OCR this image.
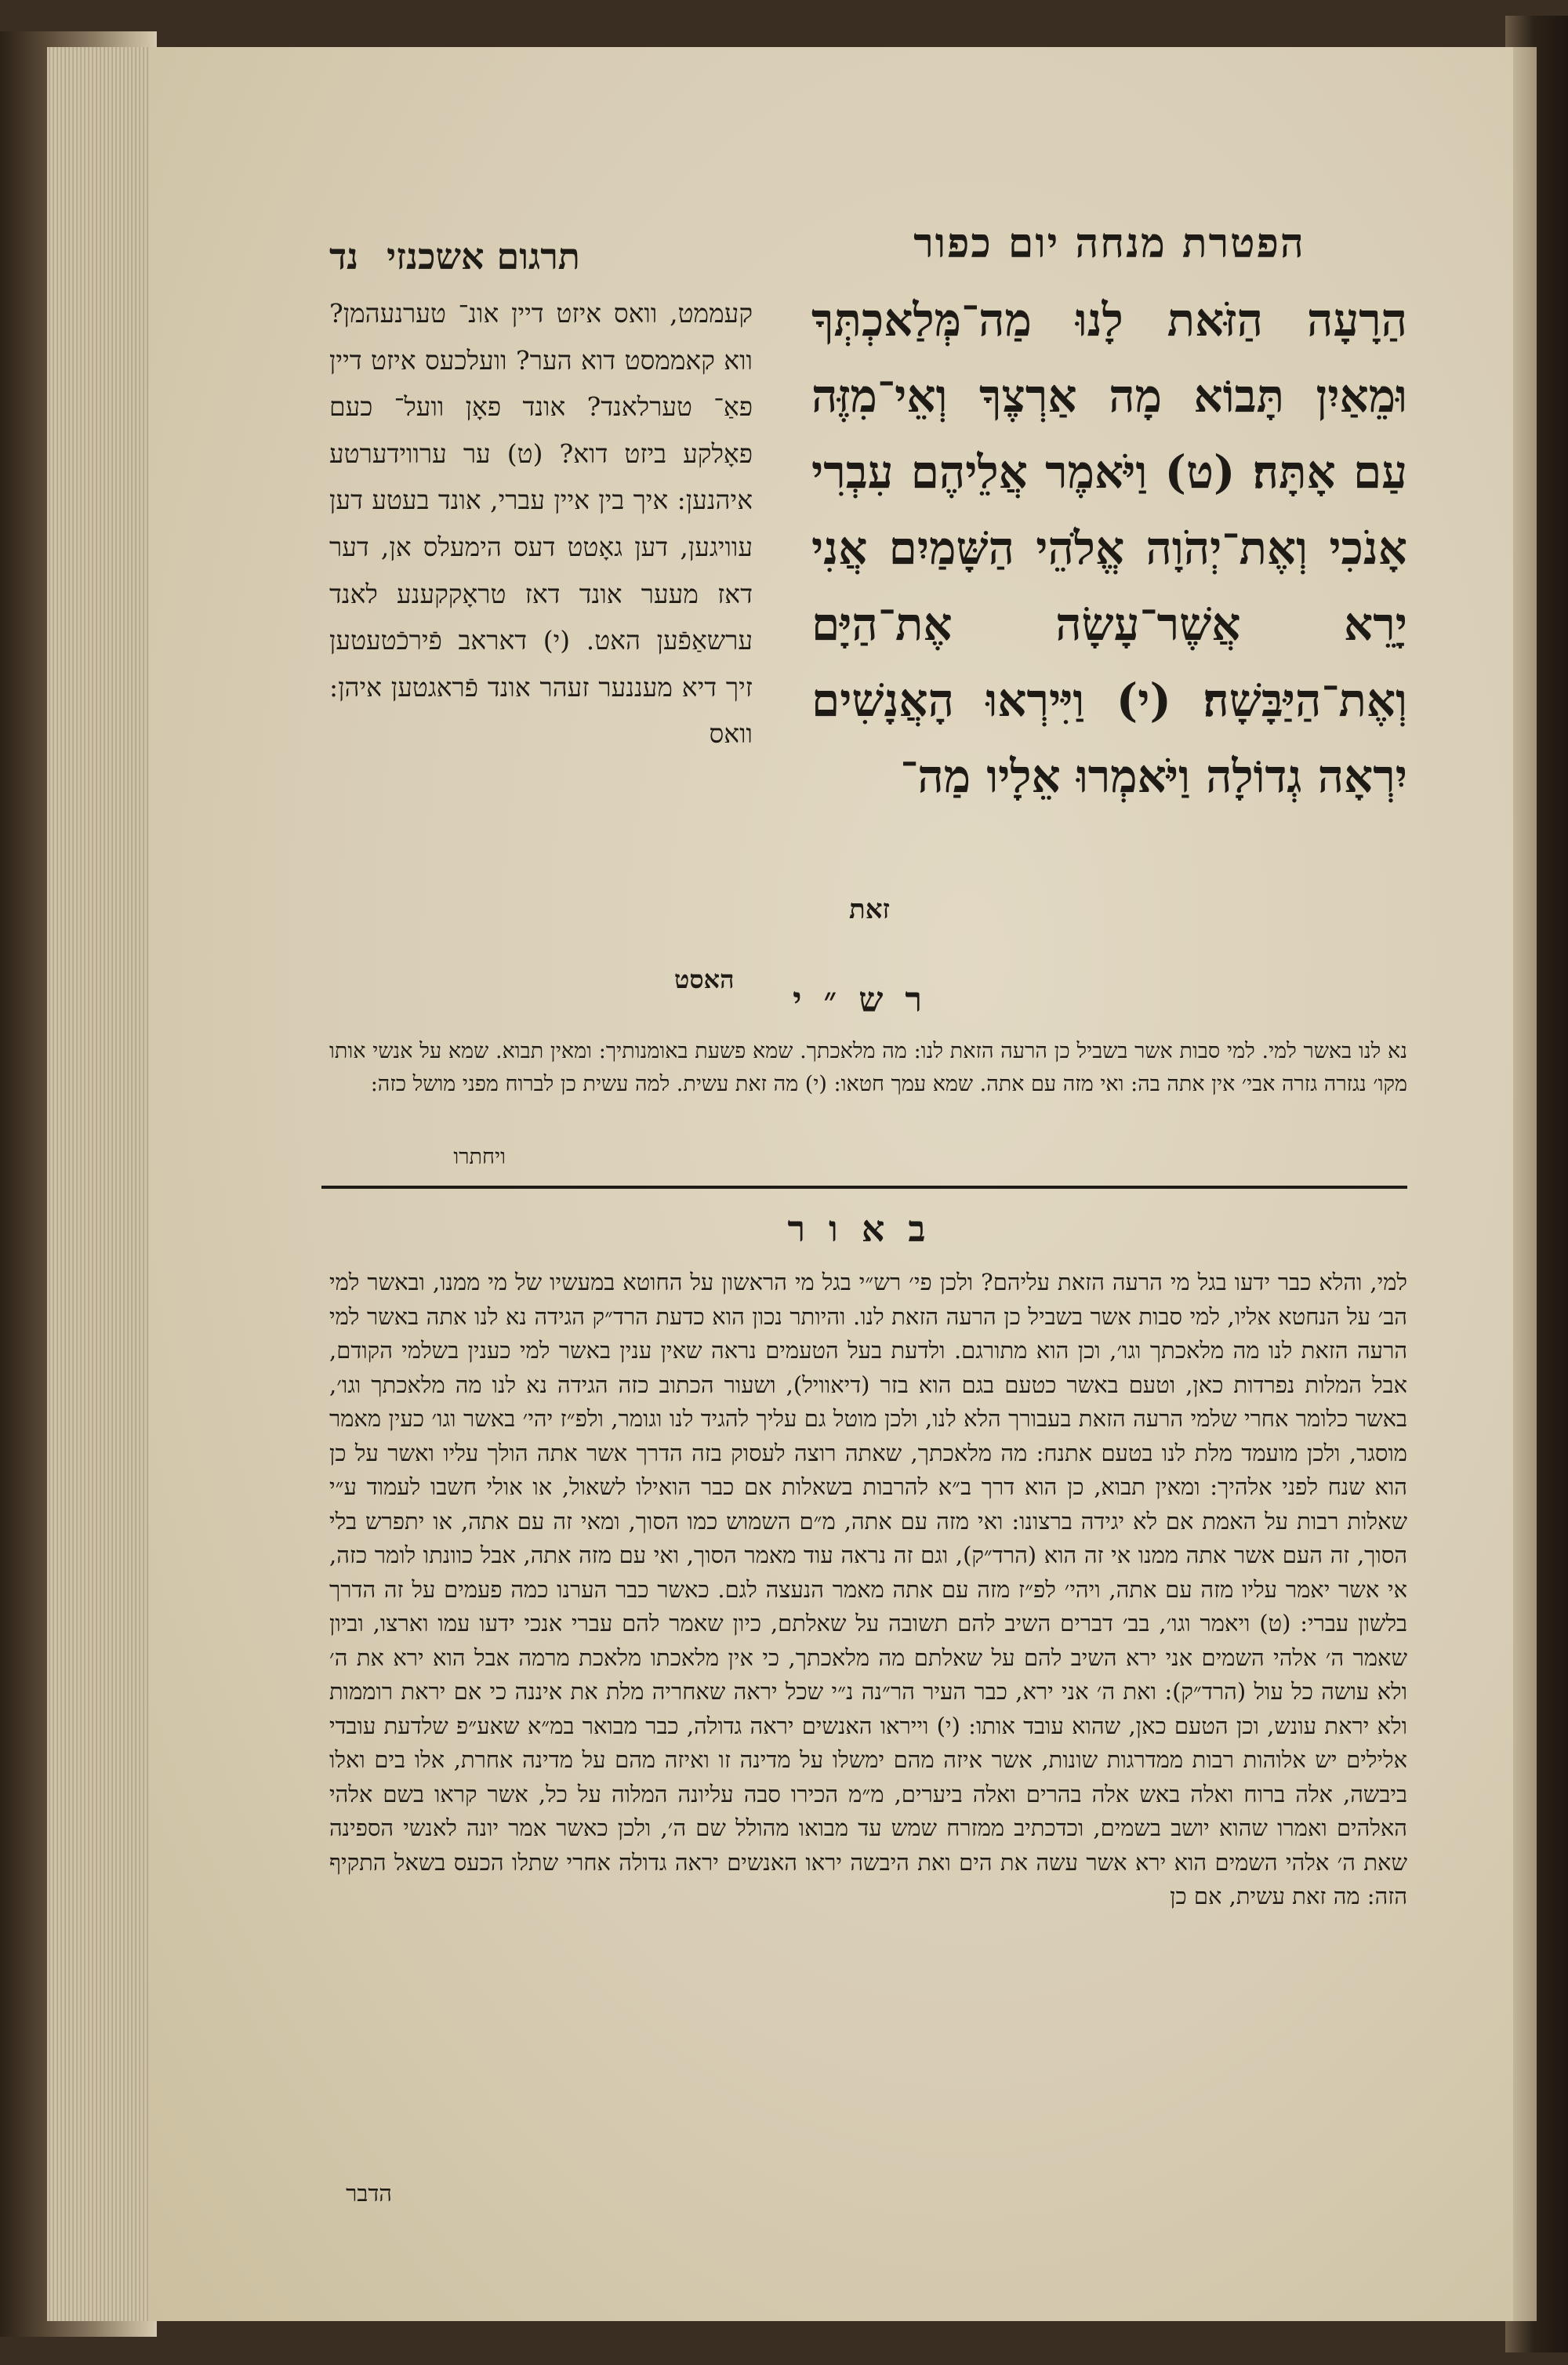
הפטרת מנחה יום כפור
תרגום אשכנזי נד

הַרָעָה הַזֹּאת לָנוּ מַה־מְּלַאכְתְּךָ וּמֵאַיִן תָּבוֹא מָה אַרְצֶךָ וְאֵי־מִזֶּה עַם אָתָּה׃ (ט) וַיֹּאמֶר אֲלֵיהֶם עִבְרִי אָנֹכִי וְאֶת־יְהֹוָה אֱלֹהֵי הַשָּׁמַיִם אֲנִי יָרֵא אֲשֶׁר־עָשָׂה אֶת־הַיָּם וְאֶת־הַיַּבָּשָׁה׃ (י) וַיִּירְאוּ הָאֲנָשִׁים יִרְאָה גְדוֹלָה וַיֹּאמְרוּ אֵלָיו מַה־

זאת

קעממט, וואס איזט דיין אונ־ טערנעהמן? ווא קאממסט דוא הער? וועלכעס איזט דיין פאַ־ טערלאנד? אונד פאָן וועל־ כעם פאָלקע ביזט דוא? (ט) ער ערווידערטע איהנען: איך בין איין עברי, אונד בעטע דען עוויגען, דען גאָטט דעס הימעלס אן, דער דאז מעער אונד דאז טראָקקענע לאנד ערשאַפֿען האט. (י) דאראב פֿירכֿטעטען זיך דיא מעננער זעהר אונד פֿראגטען איהן: וואס

האסט
רש״י

נא לנו באשר למי. למי סבות אשר בשביל כן הרעה הזאת לנו: מה מלאכתך. שמא פשעת באומנותיך: ומאין תבוא. שמא על אנשי אותו מקו׳ נגזרה גזרה אבי׳ אין אתה בה: ואי מזה עם אתה. שמא עמך חטאו: (י) מה זאת עשית. למה עשית כן לברוח מפני מושל כזה:

ויחתרו
באור

למי, והלא כבר ידעו בגל מי הרעה הזאת עליהם? ולכן פי׳ רש״י בגל מי הראשון על החוטא במעשיו של מי ממנו, ובאשר למי הב׳ על הנחטא אליו, למי סבות אשר בשביל כן הרעה הזאת לנו. והיותר נכון הוא כדעת הרד״ק הגידה נא לנו אתה באשר למי הרעה הזאת לנו מה מלאכתך וגו׳, וכן הוא מתורגם. ולדעת בעל הטעמים נראה שאין ענין באשר למי כענין בשלמי הקודם, אבל המלות נפרדות כאן, וטעם באשר כטעם בגם הוא בזר (דיאוויל), ושעור הכתוב כזה הגידה נא לנו מה מלאכתך וגו׳, באשר כלומר אחרי שלמי הרעה הזאת בעבורך הלא לנו, ולכן מוטל גם עליך להגיד לנו וגומר, ולפ״ז יהי׳ באשר וגו׳ כעין מאמר מוסגר, ולכן מועמד מלת לנו בטעם אתנח: מה מלאכתך, שאתה רוצה לעסוק בזה הדרך אשר אתה הולך עליו ואשר על כן הוא שנח לפני אלהיך: ומאין תבוא, כן הוא דרך ב״א להרבות בשאלות אם כבר הואילו לשאול, או אולי חשבו לעמוד ע״י שאלות רבות על האמת אם לא יגידה ברצונו: ואי מזה עם אתה, מ״ם השמוש כמו הסוך, ומאי זה עם אתה, או יתפרש בלי הסוך, זה העם אשר אתה ממנו אי זה הוא (הרד״ק), וגם זה נראה עוד מאמר הסוך, ואי עם מזה אתה, אבל כוונתו לומר כזה, אי אשר יאמר עליו מזה עם אתה, ויהי׳ לפ״ז מזה עם אתה מאמר הנעצה לגם. כאשר כבר הערנו כמה פעמים על זה הדרך בלשון עברי: (ט) ויאמר וגו׳, בב׳ דברים השיב להם תשובה על שאלתם, כיון שאמר להם עברי אנכי ידעו עמו וארצו, וביון שאמר ה׳ אלהי השמים אני ירא השיב להם על שאלתם מה מלאכתך, כי אין מלאכתו מלאכת מרמה אבל הוא ירא את ה׳ ולא עושה כל עול (הרד״ק): ואת ה׳ אני ירא, כבר העיר הר״נה נ״י שכל יראה שאחריה מלת את איננה כי אם יראת רוממות ולא יראת עונש, וכן הטעם כאן, שהוא עובד אותו: (י) וייראו האנשים יראה גדולה, כבר מבואר במ״א שאע״פ שלדעת עובדי אלילים יש אלוהות רבות ממדרגות שונות, אשר איזה מהם ימשלו על מדינה זו ואיזה מהם על מדינה אחרת, אלו בים ואלו ביבשה, אלה ברוח ואלה באש אלה בהרים ואלה ביערים, מ״מ הכירו סבה עליונה המלוה על כל, אשר קראו בשם אלהי האלהים ואמרו שהוא יושב בשמים, וכדכתיב ממזרח שמש עד מבואו מהולל שם ה׳, ולכן כאשר אמר יונה לאנשי הספינה שאת ה׳ אלהי השמים הוא ירא אשר עשה את הים ואת היבשה יראו האנשים יראה גדולה אחרי שתלו הכעס בשאל התקיף הזה: מה זאת עשית, אם כן

הדבר
